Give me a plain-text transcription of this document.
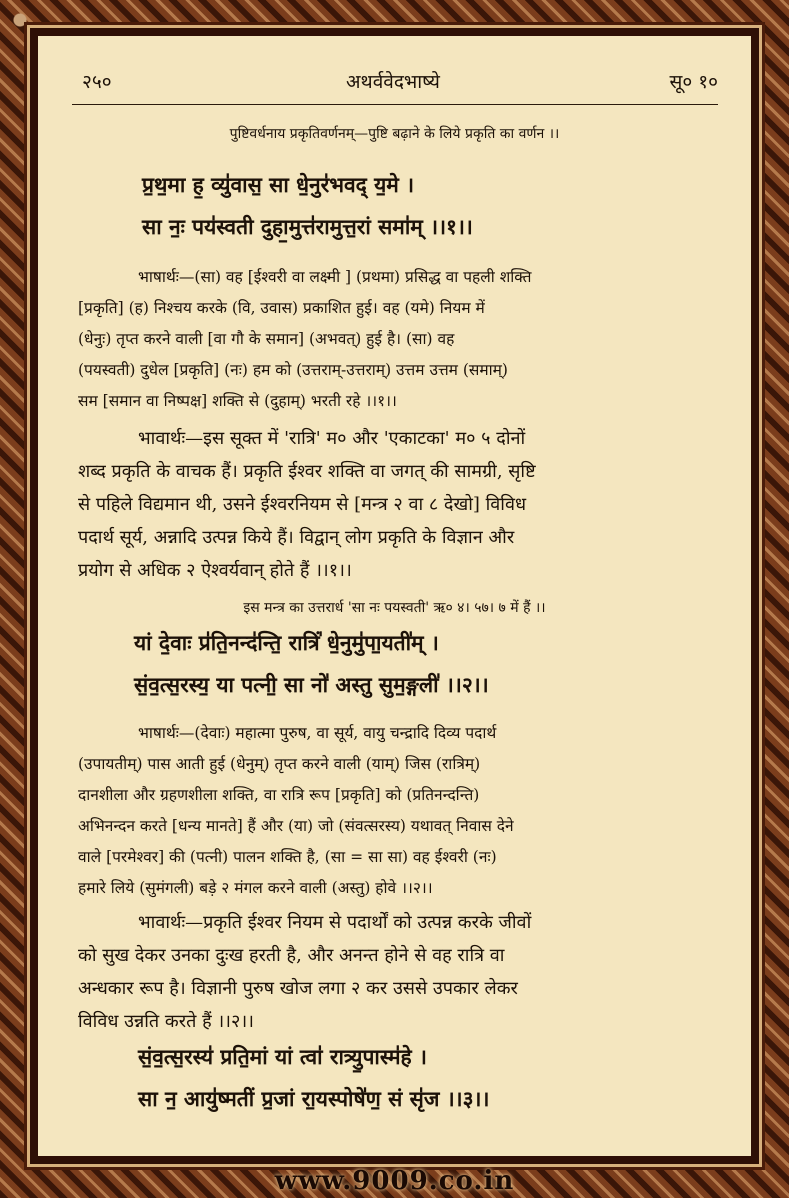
२५०	अथर्ववेदभाष्ये	सू० १०
पुष्टिवर्धनाय प्रकृतिवर्णनम्—पुष्टि बढ़ाने के लिये प्रकृति का वर्णन ।।
प्र॒थ॒मा ह॒ व्यु॑वास॒ सा धे॒नुर॑भवद् य॒मे ।
सा नः॒ पय॑स्वती दुहा॒मुत्त॑रामुत्त॒रां समा॑म् ।।१।।
भाषार्थः—(सा) वह [ईश्वरी वा लक्ष्मी ] (प्रथमा) प्रसिद्ध वा पहली शक्ति
[प्रकृति] (ह) निश्चय करके (वि, उवास) प्रकाशित हुई। वह (यमे) नियम में
(धेनुः) तृप्त करने वाली [वा गौ के समान] (अभवत्) हुई है। (सा) वह
(पयस्वती) दुधेल [प्रकृति] (नः) हम को (उत्तराम्-उत्तराम्) उत्तम उत्तम (समाम्)
सम [समान वा निष्पक्ष] शक्ति से (दुहाम्) भरती रहे ।।१।।
भावार्थः—इस सूक्त में 'रात्रि' म० और 'एकाटका' म० ५ दोनों
शब्द प्रकृति के वाचक हैं। प्रकृति ईश्वर शक्ति वा जगत् की सामग्री, सृष्टि
से पहिले विद्यमान थी, उसने ईश्वरनियम से [मन्त्र २ वा ८ देखो] विविध
पदार्थ सूर्य, अन्नादि उत्पन्न किये हैं। विद्वान् लोग प्रकृति के विज्ञान और
प्रयोग से अधिक २ ऐश्वर्यवान् होते हैं ।।१।।
इस मन्त्र का उत्तरार्ध 'सा नः पयस्वती' ऋ० ४। ५७। ७ में हैं ।।
यां दे॒वाः प्र॑ति॒नन्द॑न्ति॒ रात्रिं॑ धे॒नुमु॑पा॒यती॑म् ।
सं॒व॒त्स॒रस्य॒ या पत्नी॒ सा नो॑ अस्तु सुम॒ङ्गली॑ ।।२।।
भाषार्थः—(देवाः) महात्मा पुरुष, वा सूर्य, वायु चन्द्रादि दिव्य पदार्थ
(उपायतीम्) पास आती हुई (धेनुम्) तृप्त करने वाली (याम्) जिस (रात्रिम्)
दानशीला और ग्रहणशीला शक्ति, वा रात्रि रूप [प्रकृति] को (प्रतिनन्दन्ति)
अभिनन्दन करते [धन्य मानते] हैं और (या) जो (संवत्सरस्य) यथावत् निवास देने
वाले [परमेश्वर] की (पत्नी) पालन शक्ति है, (सा = सा सा) वह ईश्वरी (नः)
हमारे लिये (सुमंगली) बड़े २ मंगल करने वाली (अस्तु) होवे ।।२।।
भावार्थः—प्रकृति ईश्वर नियम से पदार्थों को उत्पन्न करके जीवों
को सुख देकर उनका दुःख हरती है, और अनन्त होने से वह रात्रि वा
अन्धकार रूप है। विज्ञानी पुरुष खोज लगा २ कर उससे उपकार लेकर
विविध उन्नति करते हैं ।।२।।
सं॒व॒त्स॒रस्य॑ प्रति॒मां यां त्वा॑ रात्र्यु॒पास्म॑हे ।
सा न॒ आयु॑ष्मतीं प्र॒जां रा॒यस्पोषे॑ण॒ सं सृ॑ज ।।३।।
www.9009.co.in
